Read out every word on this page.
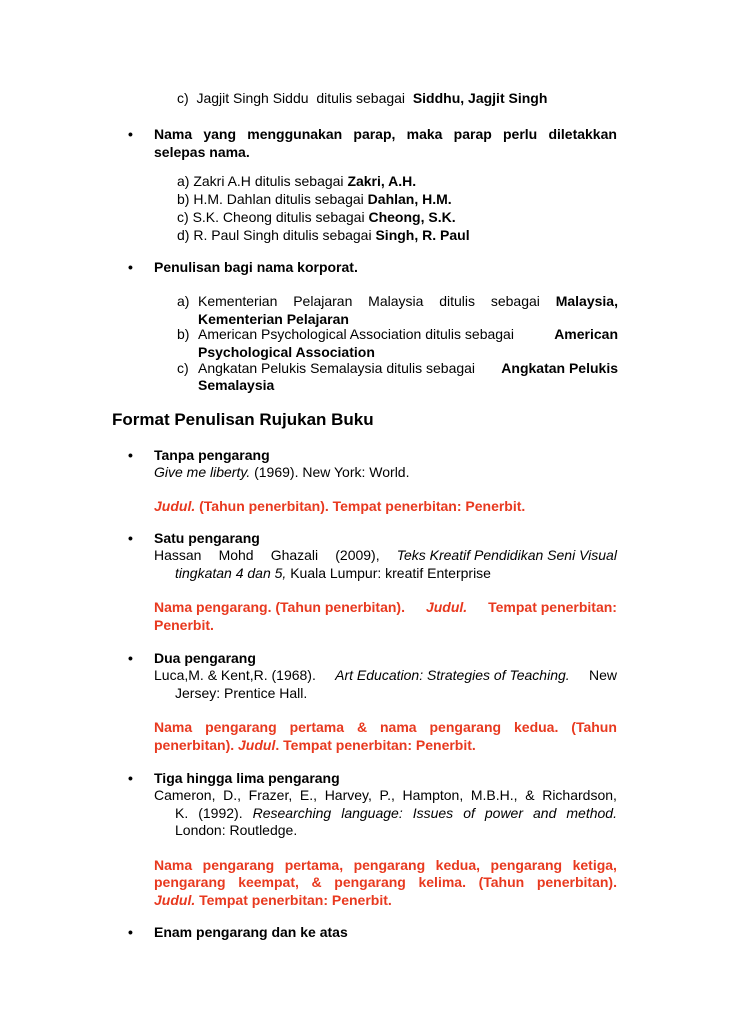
c) Jagjit Singh Siddu ditulis sebagai Siddhu, Jagjit Singh
• Nama yang menggunakan parap, maka parap perlu diletakkan
selepas nama.
a) Zakri A.H ditulis sebagai Zakri, A.H.
b) H.M. Dahlan ditulis sebagai Dahlan, H.M.
c) S.K. Cheong ditulis sebagai Cheong, S.K.
d) R. Paul Singh ditulis sebagai Singh, R. Paul
• Penulisan bagi nama korporat.
a) Kementerian Pelajaran Malaysia ditulis sebagai Malaysia,
Kementerian Pelajaran
b) American Psychological Association ditulis sebagai	American
Psychological Association
c) Angkatan Pelukis Semalaysia ditulis sebagai Angkatan Pelukis
Semalaysia
Format Penulisan Rujukan Buku
• Tanpa pengarang
Give me liberty. (1969). New York: World.
Judul. (Tahun penerbitan). Tempat penerbitan: Penerbit.
• Satu pengarang
Hassan Mohd Ghazali (2009), Teks Kreatif Pendidikan Seni Visual
tingkatan 4 dan 5, Kuala Lumpur: kreatif Enterprise
Nama pengarang. (Tahun penerbitan). Judul. Tempat penerbitan:
Penerbit.
• Dua pengarang
Luca,M. & Kent,R. (1968). Art Education: Strategies of Teaching. New
Jersey: Prentice Hall.
Nama pengarang pertama & nama pengarang kedua. (Tahun
penerbitan). Judul. Tempat penerbitan: Penerbit.
• Tiga hingga lima pengarang
Cameron, D., Frazer, E., Harvey, P., Hampton, M.B.H., & Richardson,
K. (1992). Researching language: Issues of power and method.
London: Routledge.
Nama pengarang pertama, pengarang kedua, pengarang ketiga,
pengarang keempat, & pengarang kelima. (Tahun penerbitan).
Judul. Tempat penerbitan: Penerbit.
• Enam pengarang dan ke atas
